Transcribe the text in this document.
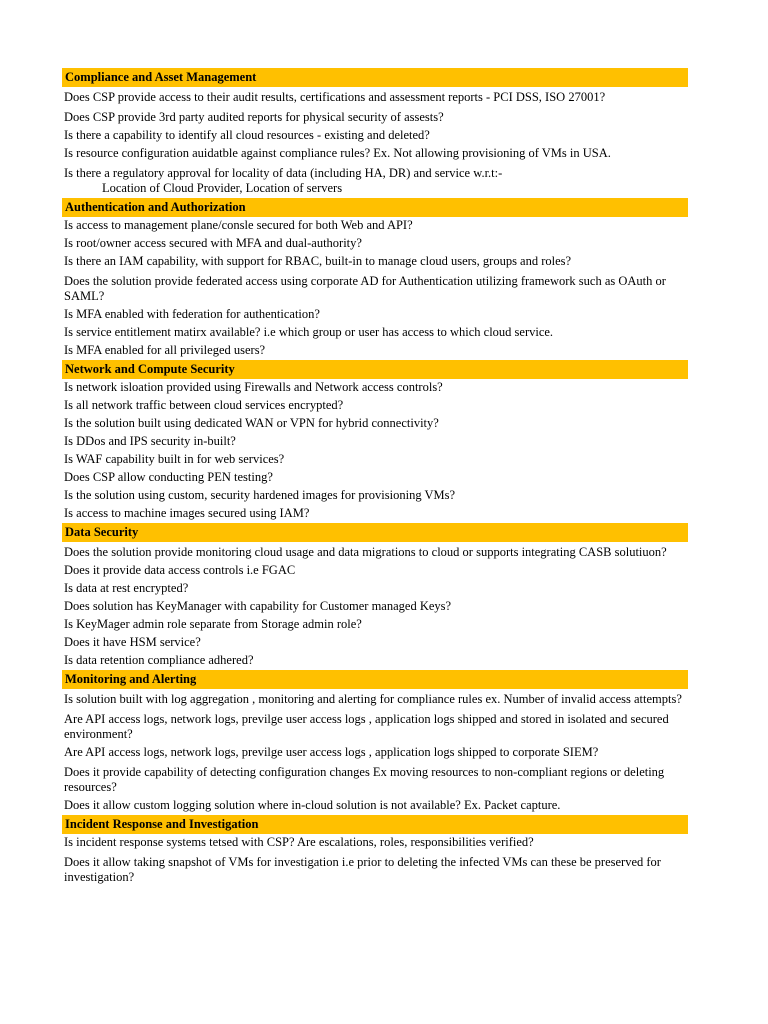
Compliance and Asset Management
Does CSP provide access to their audit results, certifications and assessment reports - PCI DSS, ISO 27001?
Does CSP provide 3rd party audited reports for physical security of assests?
Is there a capability to identify all cloud resources - existing and deleted?
Is resource configuration auidatble against compliance rules? Ex. Not allowing provisioning of VMs in USA.
Is there a regulatory approval for locality of data (including HA, DR) and service w.r.t:-
Location of Cloud Provider, Location of servers
Authentication and Authorization
Is access to management plane/consle secured for both Web and API?
Is root/owner access secured with MFA and dual-authority?
Is there an IAM capability, with support for RBAC, built-in to manage cloud users, groups and roles?
Does the solution provide federated access using corporate AD for Authentication utilizing framework such as OAuth or SAML?
Is MFA enabled with federation for authentication?
Is service entitlement matirx available? i.e which group or user has access to which cloud service.
Is MFA enabled for all privileged users?
Network and Compute Security
Is network isloation provided using Firewalls and Network access controls?
Is all network traffic between cloud services encrypted?
Is the solution built using dedicated WAN or VPN for hybrid connectivity?
Is DDos and IPS security in-built?
Is WAF capability built in for web services?
Does CSP allow conducting PEN testing?
Is the solution using custom, security hardened images for provisioning VMs?
Is access to machine images secured using IAM?
Data Security
Does the solution provide monitoring cloud usage and data migrations to cloud or supports integrating CASB solutiuon?
Does it provide data access controls i.e FGAC
Is data at rest encrypted?
Does solution has KeyManager with capability for Customer managed Keys?
Is KeyMager admin role separate from Storage admin role?
Does it have HSM service?
Is data retention compliance adhered?
Monitoring and Alerting
Is solution built with log aggregation , monitoring and alerting for compliance rules ex. Number of invalid access attempts?
Are API access logs, network logs, previlge user access logs , application logs shipped and stored in isolated and secured environment?
Are API access logs, network logs, previlge user access logs , application logs shipped to corporate SIEM?
Does it provide capability of detecting configuration changes Ex moving resources to non-compliant regions or deleting resources?
Does it allow custom logging solution where in-cloud solution is not available? Ex. Packet capture.
Incident Response and Investigation
Is incident response systems tetsed with CSP? Are escalations, roles, responsibilities verified?
Does it allow taking snapshot of VMs for investigation i.e prior to deleting the infected VMs can these be preserved for investigation?
